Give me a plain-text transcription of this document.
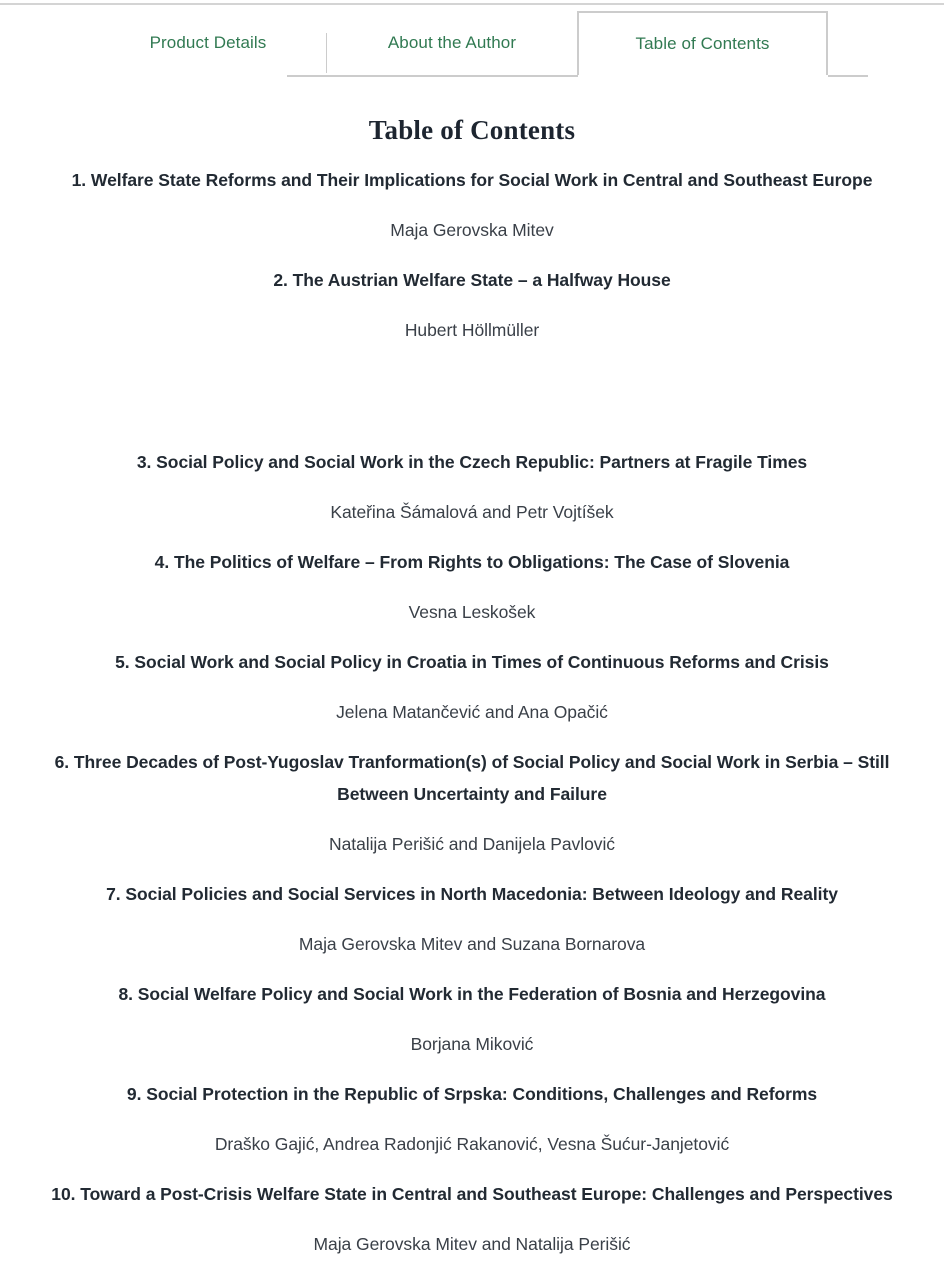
Product Details	About the Author	Table of Contents
Table of Contents
1. Welfare State Reforms and Their Implications for Social Work in Central and Southeast Europe
Maja Gerovska Mitev
2. The Austrian Welfare State – a Halfway House
Hubert Höllmüller
3. Social Policy and Social Work in the Czech Republic: Partners at Fragile Times
Kateřina Šámalová and Petr Vojtíšek
4. The Politics of Welfare – From Rights to Obligations: The Case of Slovenia
Vesna Leskošek
5. Social Work and Social Policy in Croatia in Times of Continuous Reforms and Crisis
Jelena Matančević and Ana Opačić
6. Three Decades of Post-Yugoslav Tranformation(s) of Social Policy and Social Work in Serbia – Still Between Uncertainty and Failure
Natalija Perišić and Danijela Pavlović
7. Social Policies and Social Services in North Macedonia: Between Ideology and Reality
Maja Gerovska Mitev and Suzana Bornarova
8. Social Welfare Policy and Social Work in the Federation of Bosnia and Herzegovina
Borjana Miković
9. Social Protection in the Republic of Srpska: Conditions, Challenges and Reforms
Draško Gajić, Andrea Radonjić Rakanović, Vesna Šućur-Janjetović
10. Toward a Post-Crisis Welfare State in Central and Southeast Europe: Challenges and Perspectives
Maja Gerovska Mitev and Natalija Perišić
